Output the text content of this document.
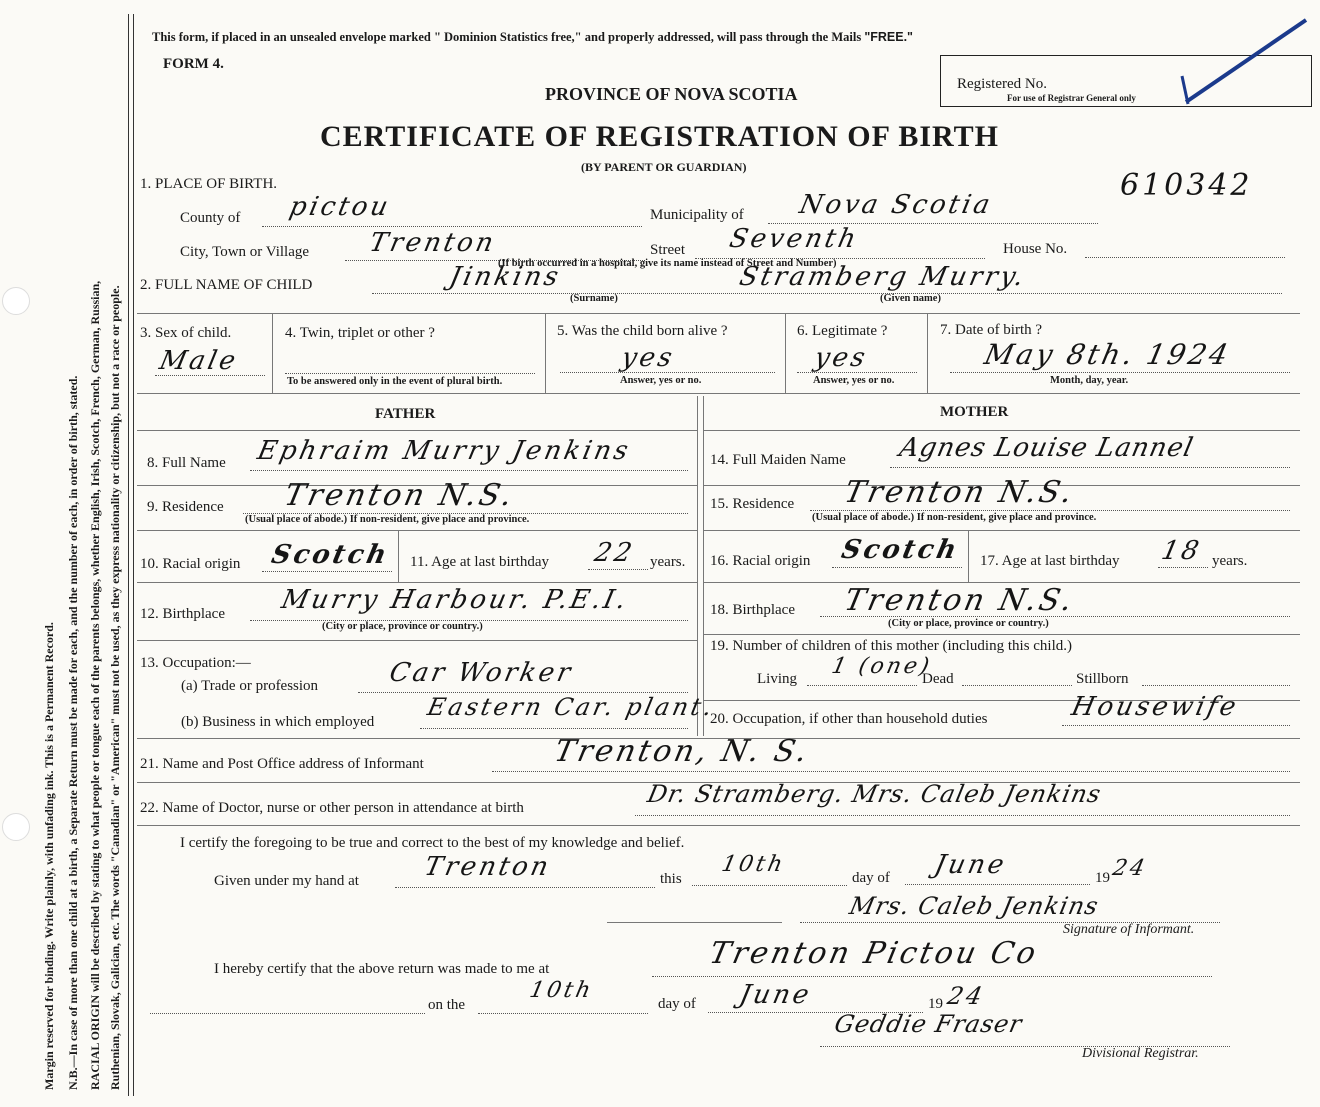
Margin reserved for binding. Write plainly, with unfading ink. This is a Permanent Record. N.B.—In case of more than one child at a birth, a Separate Return must be made for each, and the number of each, in order of birth, stated. RACIAL ORIGIN will be described by stating to what people or tongue each of the parents belongs, whether English, Irish, Scotch, French, German, Russian, Ruthenian, Slovak, Galician, etc. The words "Canadian" or "American" must not be used, as they express nationality or citizenship, but not a race or people.
This form, if placed in an unsealed envelope marked " Dominion Statistics free," and properly addressed, will pass through the Mails "FREE."
FORM 4.
PROVINCE OF NOVA SCOTIA
CERTIFICATE OF REGISTRATION OF BIRTH
(BY PARENT OR GUARDIAN)
Registered No.
For use of Registrar General only
610342
1. PLACE OF BIRTH.
County of pictou	Municipality of Nova Scotia
City, Town or Village Trenton	Street Seventh	House No.
(If birth occurred in a hospital, give its name instead of Street and Number)
2. FULL NAME OF CHILD	Jinkins
(Surname)
Stramberg Murry.
(Given name)
3. Sex of child.
Male
4. Twin, triplet or other ?
To be answered only in the event of plural birth.
5. Was the child born alive ?
yes
Answer, yes or no.
6. Legitimate ?
yes
Answer, yes or no.
7. Date of birth ?
May 8th. 1924
Month, day, year.
FATHER	MOTHER
8. Full Name Ephraim Murry Jenkins
9. Residence Trenton N.S.
(Usual place of abode.) If non-resident, give place and province.
10. Racial origin Scotch 11. Age at last birthday 22 years.
12. Birthplace Murry Harbour. P.E.I.
(City or place, province or country.)
13. Occupation:—
(a) Trade or profession	Car Worker
(b) Business in which employed
Eastern Car. plant.
14. Full Maiden Name Agnes Louise Lannel
15. Residence Trenton N.S.
(Usual place of abode.) If non-resident, give place and province.
16. Racial origin Scotch 17. Age at last birthday 18 years.
18. Birthplace Trenton N.S.
(City or place, province or country.)
19. Number of children of this mother (including this child.)
Living 1 (one)
Dead	Stillborn
20. Occupation, if other than household duties	Housewife
21. Name and Post Office address of Informant	Trenton, N. S.
22. Name of Doctor, nurse or other person in attendance at birth	Dr. Stramberg. Mrs. Caleb Jenkins
I certify the foregoing to be true and correct to the best of my knowledge and belief.
Given under my hand at Trenton	this
10th
day of June	19 24
Mrs. Caleb Jenkins
Signature of Informant.
I hereby certify that the above return was made to me at	Trenton Pictou Co
on the
10th
day of June	19 24
Geddie Fraser
Divisional Registrar.
